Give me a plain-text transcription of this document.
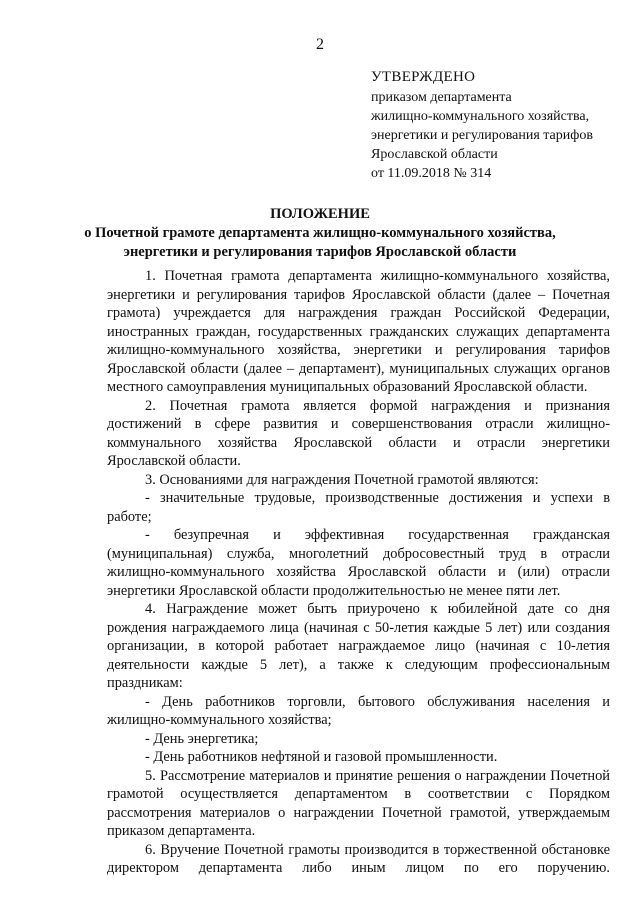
2
УТВЕРЖДЕНО
приказом департамента
жилищно-коммунального хозяйства,
энергетики и регулирования тарифов
Ярославской области
от 11.09.2018 № 314
ПОЛОЖЕНИЕ
о Почетной грамоте департамента жилищно-коммунального хозяйства,
энергетики и регулирования тарифов Ярославской области

1. Почетная грамота департамента жилищно-коммунального хозяйства, энергетики и регулирования тарифов Ярославской области (далее – Почетная грамота) учреждается для награждения граждан Российской Федерации, иностранных граждан, государственных гражданских служащих департамента жилищно-коммунального хозяйства, энергетики и регулирования тарифов Ярославской области (далее – департамент), муниципальных служащих органов местного самоуправления муниципальных образований Ярославской области.

2. Почетная грамота является формой награждения и признания достижений в сфере развития и совершенствования отрасли жилищно-коммунального хозяйства Ярославской области и отрасли энергетики Ярославской области.

3. Основаниями для награждения Почетной грамотой являются:

- значительные трудовые, производственные достижения и успехи в работе;

- безупречная и эффективная государственная гражданская (муниципальная) служба, многолетний добросовестный труд в отрасли жилищно-коммунального хозяйства Ярославской области и (или) отрасли энергетики Ярославской области продолжительностью не менее пяти лет.

4. Награждение может быть приурочено к юбилейной дате со дня рождения награждаемого лица (начиная с 50-летия каждые 5 лет) или создания организации, в которой работает награждаемое лицо (начиная с 10-летия деятельности каждые 5 лет), а также к следующим профессиональным праздникам:

- День работников торговли, бытового обслуживания населения и жилищно-коммунального хозяйства;

- День энергетика;

- День работников нефтяной и газовой промышленности.

5. Рассмотрение материалов и принятие решения о награждении Почетной грамотой осуществляется департаментом в соответствии с Порядком рассмотрения материалов о награждении Почетной грамотой, утверждаемым приказом департамента.

6. Вручение Почетной грамоты производится в торжественной обстановке директором департамента либо иным лицом по его поручению.
